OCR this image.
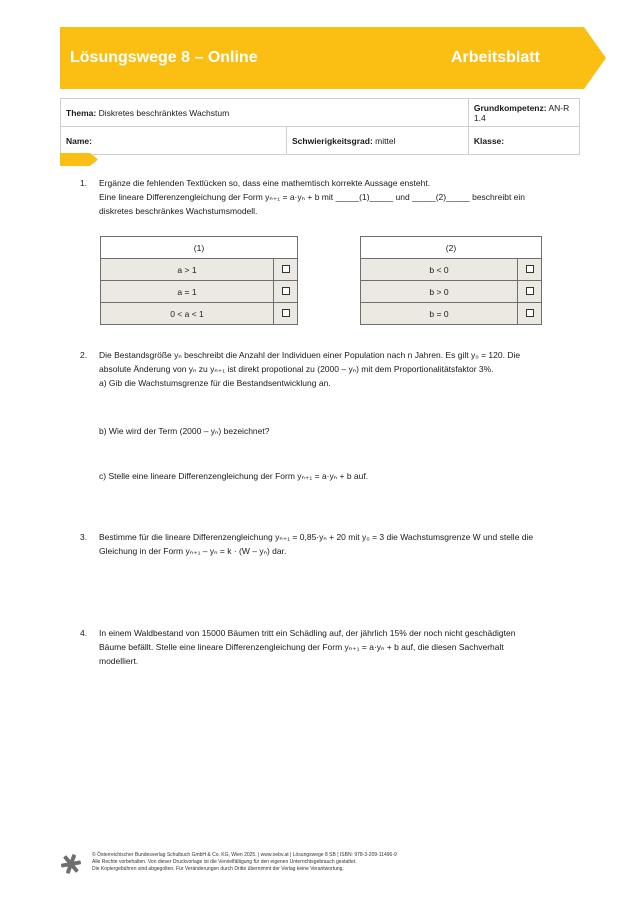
Lösungswege 8 – Online	Arbeitsblatt
Thema: Diskretes beschränktes Wachstum		Grundkompetenz: AN-R 1.4
Name:	Schwierigkeitsgrad: mittel	Klasse:
1. Ergänze die fehlenden Textlücken so, dass eine mathemtisch korrekte Aussage ensteht.

Eine lineare Differenzengleichung der Form yₙ₊₁ = a·yₙ + b mit _____(1)_____ und _____(2)_____ beschreibt ein

diskretes beschränkes Wachstumsmodell.

(1)	
a > 1	
a = 1	
0 < a < 1	
(2)	
b < 0	
b > 0	
b = 0	
2. Die Bestandsgröße yₙ beschreibt die Anzahl der Individuen einer Population nach n Jahren. Es gilt y₀ = 120. Die

absolute Änderung von yₙ zu yₙ₊₁ ist direkt propotional zu (2000 – yₙ) mit dem Proportionalitätsfaktor 3%.

a) Gib die Wachstumsgrenze für die Bestandsentwicklung an.

b) Wie wird der Term (2000 – yₙ) bezeichnet?

c) Stelle eine lineare Differenzengleichung der Form yₙ₊₁ = a·yₙ + b auf.

3. Bestimme für die lineare Differenzengleichung yₙ₊₁ = 0,85·yₙ + 20 mit y₀ = 3 die Wachstumsgrenze W und stelle die

Gleichung in der Form yₙ₊₁ – yₙ = k · (W – yₙ) dar.

4. In einem Waldbestand von 15000 Bäumen tritt ein Schädling auf, der jährlich 15% der noch nicht geschädigten

Bäume befällt. Stelle eine lineare Differenzengleichung der Form yₙ₊₁ = a·yₙ + b auf, die diesen Sachverhalt

modelliert.

© Österreichischer Bundesverlag Schulbuch GmbH & Co. KG, Wien 2025. | www.oebv.at | Lösungswege 8 SB | ISBN: 978-3-209-11496-9

Alle Rechte vorbehalten. Von dieser Druckvorlage ist die Vervielfältigung für den eigenen Unterrichtsgebrauch gestattet.

Die Kopiergebühren sind abgegolten. Für Veränderungen durch Dritte übernimmt der Verlag keine Verantwortung.
